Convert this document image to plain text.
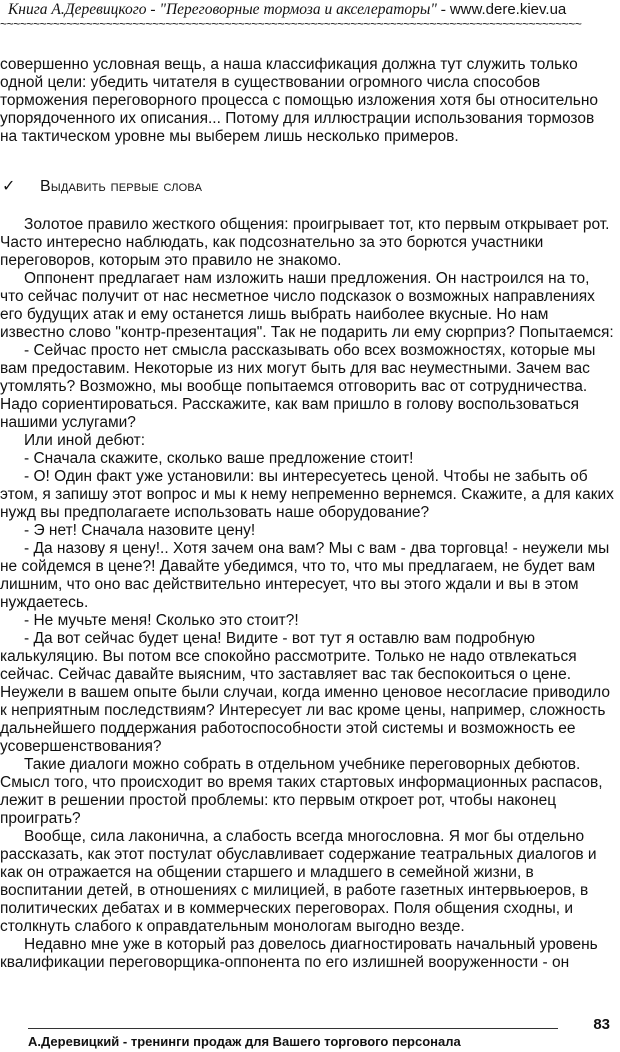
Книга А.Деревицкого - "Переговорные тормоза и акселераторы" - www.dere.kiev.ua
~~~~~~~~~~~~~~~~~~~~~~~~~~~~~~~~~~~~~~~~~~~~~~~~~~~~~~~~~~~~~~~~~~~~~~~~~~~~~~~~~~~~~~~~

совершенно условная вещь, а наша классификация должна тут служить только одной цели: убедить читателя в существовании огромного числа способов торможения переговорного процесса с помощью изложения хотя бы относительно упорядоченного их описания... Потому для иллюстрации использования тормозов на тактическом уровне мы выберем лишь несколько примеров.

✓ выдавить первые слова

Золотое правило жесткого общения: проигрывает тот, кто первым открывает рот. Часто интересно наблюдать, как подсознательно за это борются участники переговоров, которым это правило не знакомо.

Оппонент предлагает нам изложить наши предложения. Он настроился на то, что сейчас получит от нас несметное число подсказок о возможных направлениях его будущих атак и ему останется лишь выбрать наиболее вкусные. Но нам известно слово "контр-презентация". Так не подарить ли ему сюрприз? Попытаемся:

- Сейчас просто нет смысла рассказывать обо всех возможностях, которые мы вам предоставим. Некоторые из них могут быть для вас неуместными. Зачем вас утомлять? Возможно, мы вообще попытаемся отговорить вас от сотрудничества. Надо сориентироваться. Расскажите, как вам пришло в голову воспользоваться нашими услугами?

Или иной дебют:

- Сначала скажите, сколько ваше предложение стоит!

- О! Один факт уже установили: вы интересуетесь ценой. Чтобы не забыть об этом, я запишу этот вопрос и мы к нему непременно вернемся. Скажите, а для каких нужд вы предполагаете использовать наше оборудование?

- Э нет! Сначала назовите цену!

- Да назову я цену!.. Хотя зачем она вам? Мы с вам - два торговца! - неужели мы не сойдемся в цене?! Давайте убедимся, что то, что мы предлагаем, не будет вам лишним, что оно вас действительно интересует, что вы этого ждали и вы в этом нуждаетесь.

- Не мучьте меня! Сколько это стоит?!

- Да вот сейчас будет цена! Видите - вот тут я оставлю вам подробную калькуляцию. Вы потом все спокойно рассмотрите. Только не надо отвлекаться сейчас. Сейчас давайте выясним, что заставляет вас так беспокоиться о цене. Неужели в вашем опыте были случаи, когда именно ценовое несогласие приводило к неприятным последствиям? Интересует ли вас кроме цены, например, сложность дальнейшего поддержания работоспособности этой системы и возможность ее усовершенствования?

Такие диалоги можно собрать в отдельном учебнике переговорных дебютов. Смысл того, что происходит во время таких стартовых информационных распасов, лежит в решении простой проблемы: кто первым откроет рот, чтобы наконец проиграть?

Вообще, сила лаконична, а слабость всегда многословна. Я мог бы отдельно рассказать, как этот постулат обуславливает содержание театральных диалогов и как он отражается на общении старшего и младшего в семейной жизни, в воспитании детей, в отношениях с милицией, в работе газетных интервьюеров, в политических дебатах и в коммерческих переговорах. Поля общения сходны, и столкнуть слабого к оправдательным монологам выгодно везде.

Недавно мне уже в который раз довелось диагностировать начальный уровень квалификации переговорщика-оппонента по его излишней вооруженности - он

83
А.Деревицкий - тренинги продаж для Вашего торгового персонала
